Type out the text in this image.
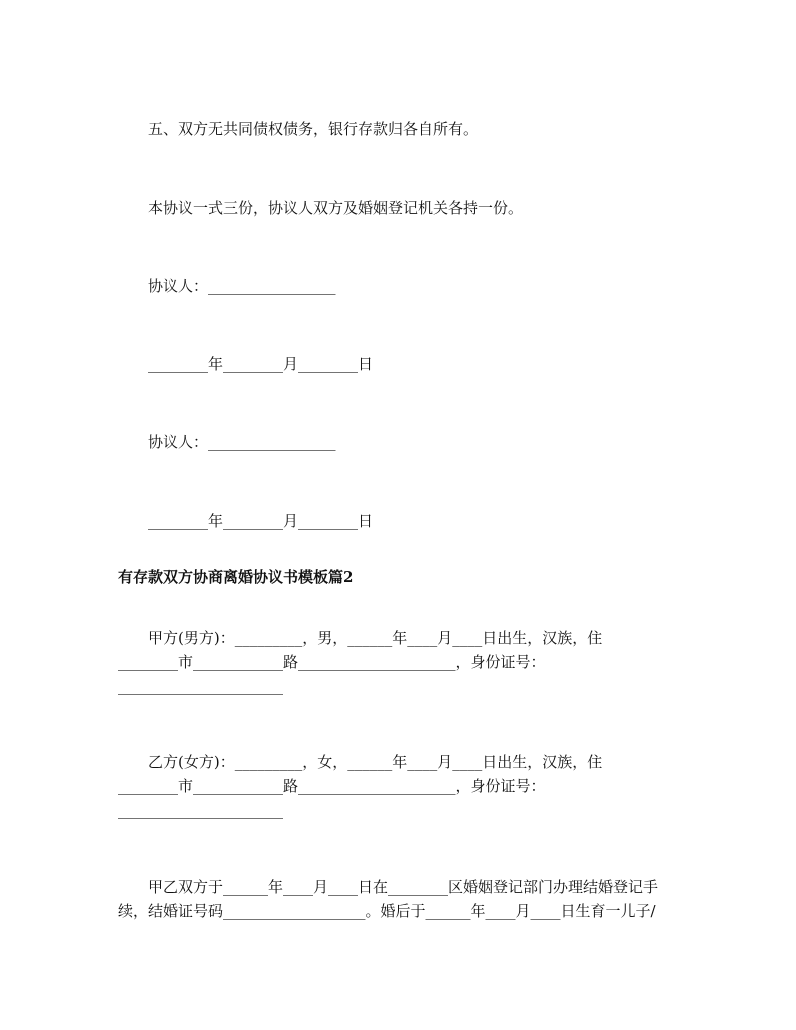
五、双方无共同债权债务，银行存款归各自所有。
本协议一式三份，协议人双方及婚姻登记机关各持一份。
协议人：_________________
________年________月________日
协议人：_________________
________年________月________日
有存款双方协商离婚协议书模板篇2
甲方(男方)：_________，男，______年____月____日出生，汉族，住
________市____________路_____________________，身份证号：
______________________
乙方(女方)：_________，女，______年____月____日出生，汉族，住
________市____________路_____________________，身份证号：
______________________
甲乙双方于______年____月____日在________区婚姻登记部门办理结婚登记手
续，结婚证号码___________________。婚后于______年____月____日生育一儿子/
